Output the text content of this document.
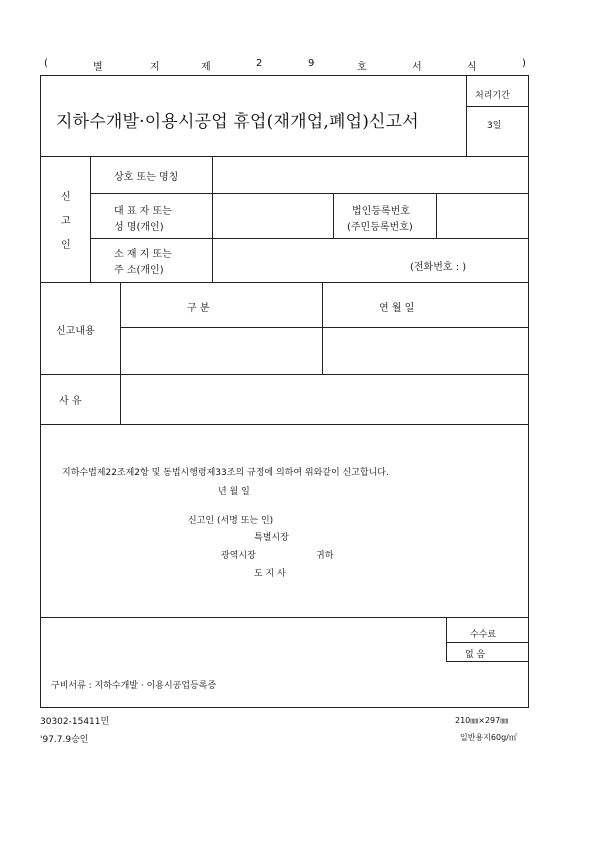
(	별	지	제	2	9	호	서	식	)
지하수개발·이용시공업 휴업(재개업,폐업)신고서
처리기간
3일
신
고
인
상호 또는 명칭
대 표 자 또는
성 명(개인)
법인등록번호
(주민등록번호)
소 재 지 또는
주 소(개인)	(전화번호 : )
신고내용
구 분	연 월 일
사 유
지하수법제22조제2항 및 동법시행령제33조의 규정에 의하여 위와같이 신고합니다.
년 월 일
신고인 (서명 또는 인)
특별시장
광역시장	귀하
도 지 사
수수료
없 음
구비서류 : 지하수개발 · 이용시공업등록증
30302-15411민
'97.7.9승인
210㎜×297㎜
일반용지60g/㎡
